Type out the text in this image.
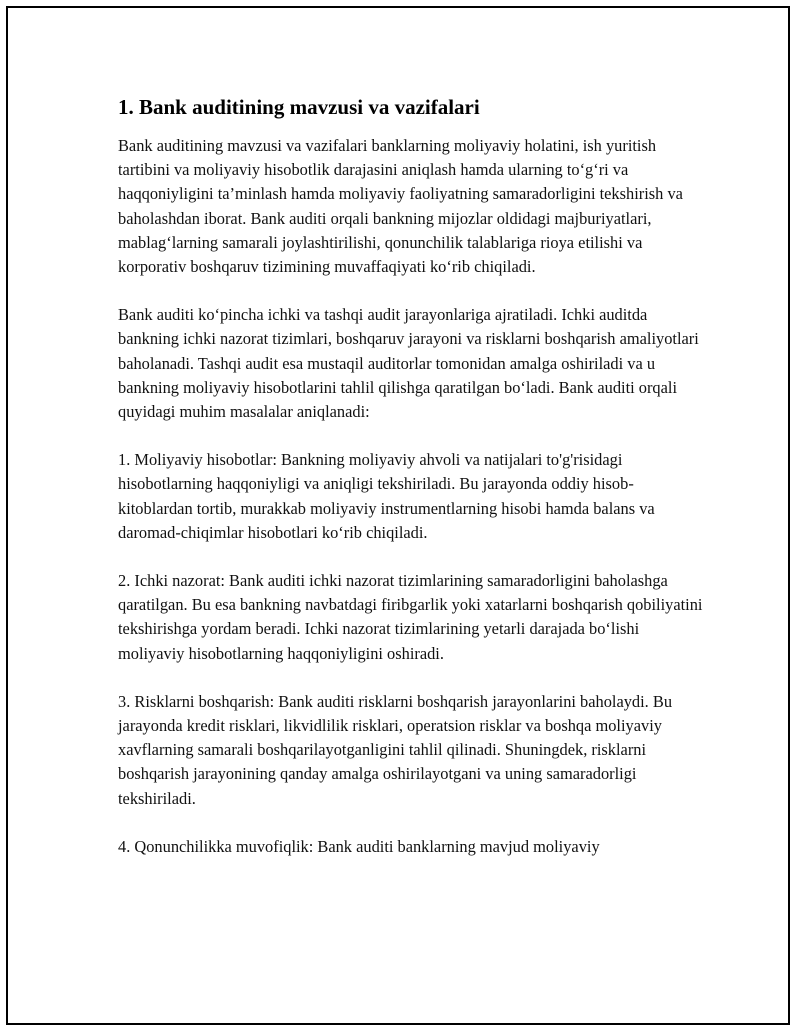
1. Bank auditining mavzusi va vazifalari

Bank auditining mavzusi va vazifalari banklarning moliyaviy holatini, ish yuritish tartibini va moliyaviy hisobotlik darajasini aniqlash hamda ularning to‘g‘ri va haqqoniyligini ta’minlash hamda moliyaviy faoliyatning samaradorligini tekshirish va baholashdan iborat. Bank auditi orqali bankning mijozlar oldidagi majburiyatlari, mablag‘larning samarali joylashtirilishi, qonunchilik talablariga rioya etilishi va korporativ boshqaruv tizimining muvaffaqiyati ko‘rib chiqiladi.

Bank auditi ko‘pincha ichki va tashqi audit jarayonlariga ajratiladi. Ichki auditda bankning ichki nazorat tizimlari, boshqaruv jarayoni va risklarni boshqarish amaliyotlari baholanadi. Tashqi audit esa mustaqil auditorlar tomonidan amalga oshiriladi va u bankning moliyaviy hisobotlarini tahlil qilishga qaratilgan bo‘ladi. Bank auditi orqali quyidagi muhim masalalar aniqlanadi:

1. Moliyaviy hisobotlar: Bankning moliyaviy ahvoli va natijalari to'g'risidagi hisobotlarning haqqoniyligi va aniqligi tekshiriladi. Bu jarayonda oddiy hisob-kitoblardan tortib, murakkab moliyaviy instrumentlarning hisobi hamda balans va daromad-chiqimlar hisobotlari ko‘rib chiqiladi.

2. Ichki nazorat: Bank auditi ichki nazorat tizimlarining samaradorligini baholashga qaratilgan. Bu esa bankning navbatdagi firibgarlik yoki xatarlarni boshqarish qobiliyatini tekshirishga yordam beradi. Ichki nazorat tizimlarining yetarli darajada bo‘lishi moliyaviy hisobotlarning haqqoniyligini oshiradi.

3. Risklarni boshqarish: Bank auditi risklarni boshqarish jarayonlarini baholaydi. Bu jarayonda kredit risklari, likvidlilik risklari, operatsion risklar va boshqa moliyaviy xavflarning samarali boshqarilayotganligini tahlil qilinadi. Shuningdek, risklarni boshqarish jarayonining qanday amalga oshirilayotgani va uning samaradorligi tekshiriladi.

4. Qonunchilikka muvofiqlik: Bank auditi banklarning mavjud moliyaviy
